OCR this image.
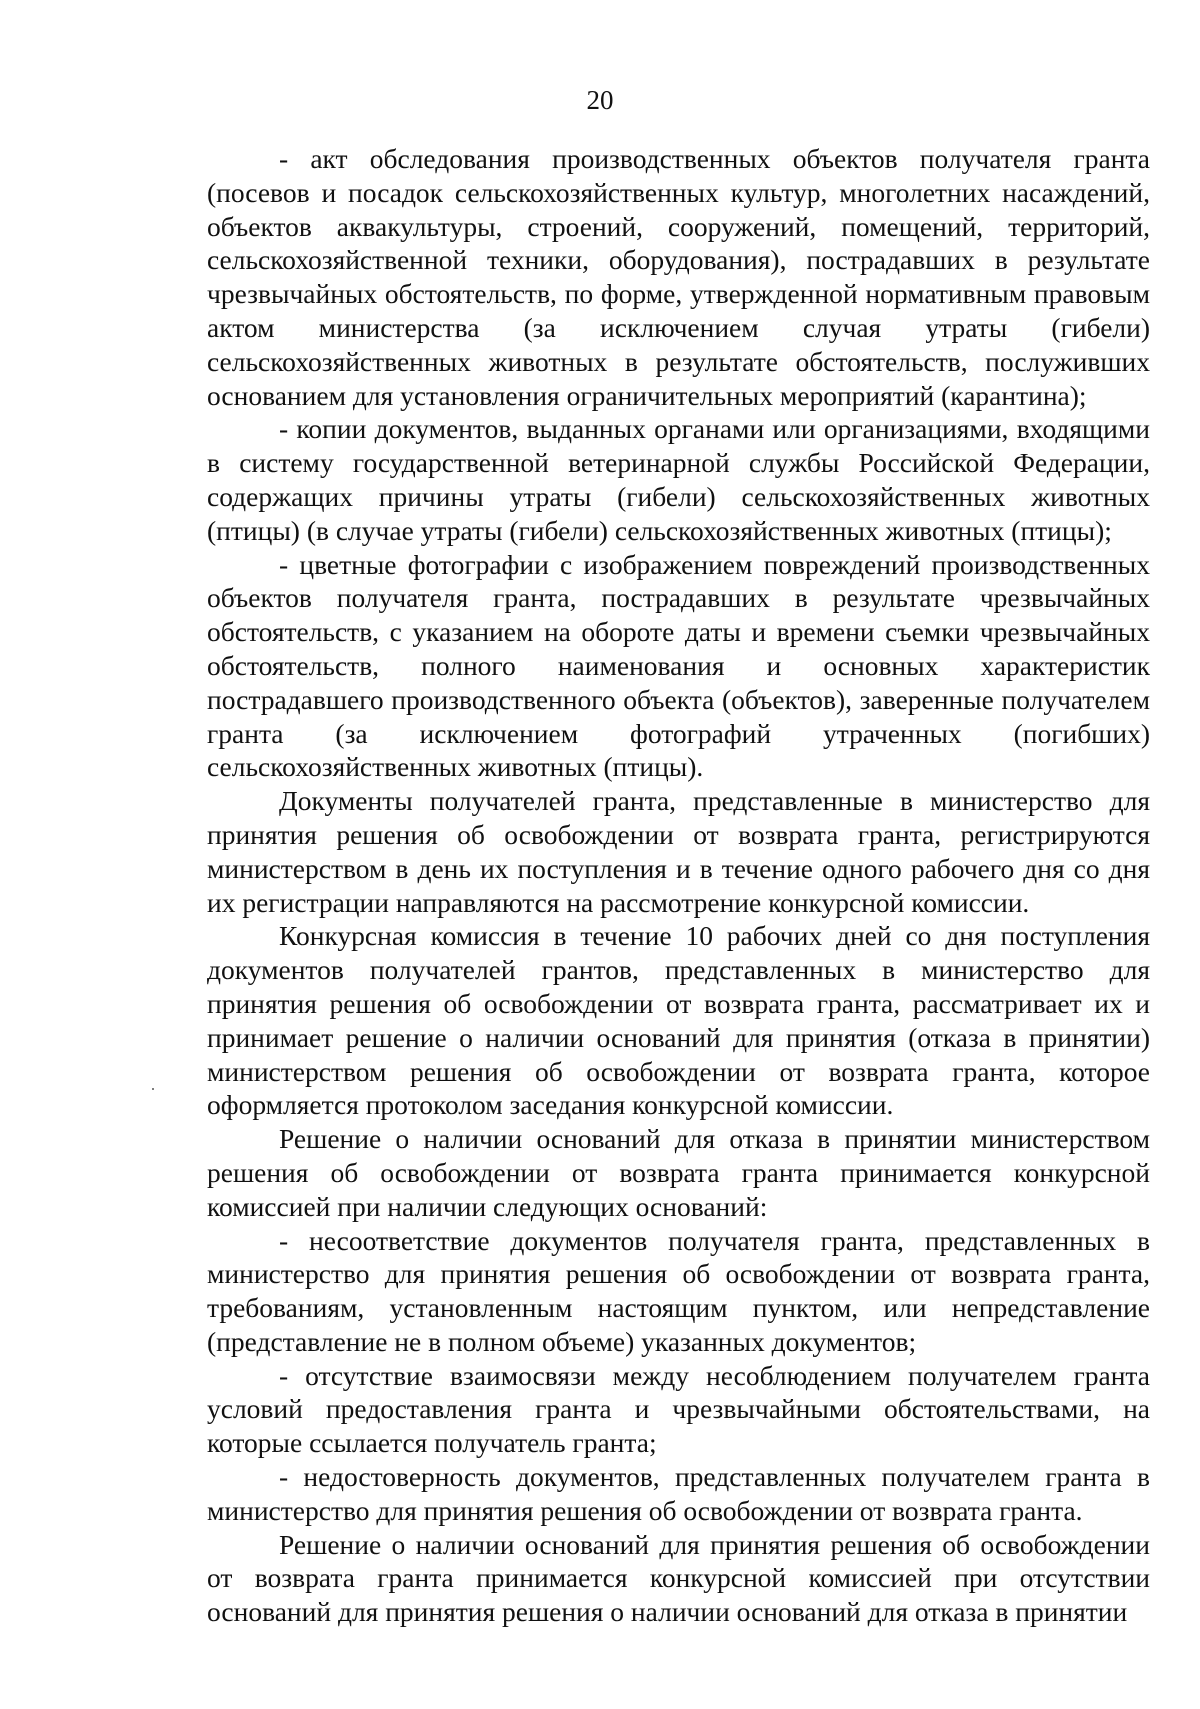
20

- акт обследования производственных объектов получателя гранта (посевов и посадок сельскохозяйственных культур, многолетних насаждений, объектов аквакультуры, строений, сооружений, помещений, территорий, сельскохозяйственной техники, оборудования), пострадавших в результате чрезвычайных обстоятельств, по форме, утвержденной нормативным правовым актом министерства (за исключением случая утраты (гибели) сельскохозяйственных животных в результате обстоятельств, послуживших основанием для установления ограничительных мероприятий (карантина);

- копии документов, выданных органами или организациями, входящими в систему государственной ветеринарной службы Российской Федерации, содержащих причины утраты (гибели) сельскохозяйственных животных (птицы) (в случае утраты (гибели) сельскохозяйственных животных (птицы);

- цветные фотографии с изображением повреждений производственных объектов получателя гранта, пострадавших в результате чрезвычайных обстоятельств, с указанием на обороте даты и времени съемки чрезвычайных обстоятельств, полного наименования и основных характеристик пострадавшего производственного объекта (объектов), заверенные получателем гранта (за исключением фотографий утраченных (погибших) сельскохозяйственных животных (птицы).

Документы получателей гранта, представленные в министерство для принятия решения об освобождении от возврата гранта, регистрируются министерством в день их поступления и в течение одного рабочего дня со дня их регистрации направляются на рассмотрение конкурсной комиссии.

Конкурсная комиссия в течение 10 рабочих дней со дня поступления документов получателей грантов, представленных в министерство для принятия решения об освобождении от возврата гранта, рассматривает их и принимает решение о наличии оснований для принятия (отказа в принятии) министерством решения об освобождении от возврата гранта, которое оформляется протоколом заседания конкурсной комиссии.

Решение о наличии оснований для отказа в принятии министерством решения об освобождении от возврата гранта принимается конкурсной комиссией при наличии следующих оснований:

- несоответствие документов получателя гранта, представленных в министерство для принятия решения об освобождении от возврата гранта, требованиям, установленным настоящим пунктом, или непредставление (представление не в полном объеме) указанных документов;

- отсутствие взаимосвязи между несоблюдением получателем гранта условий предоставления гранта и чрезвычайными обстоятельствами, на которые ссылается получатель гранта;

- недостоверность документов, представленных получателем гранта в министерство для принятия решения об освобождении от возврата гранта.

Решение о наличии оснований для принятия решения об освобождении от возврата гранта принимается конкурсной комиссией при отсутствии оснований для принятия решения о наличии оснований для отказа в принятии
